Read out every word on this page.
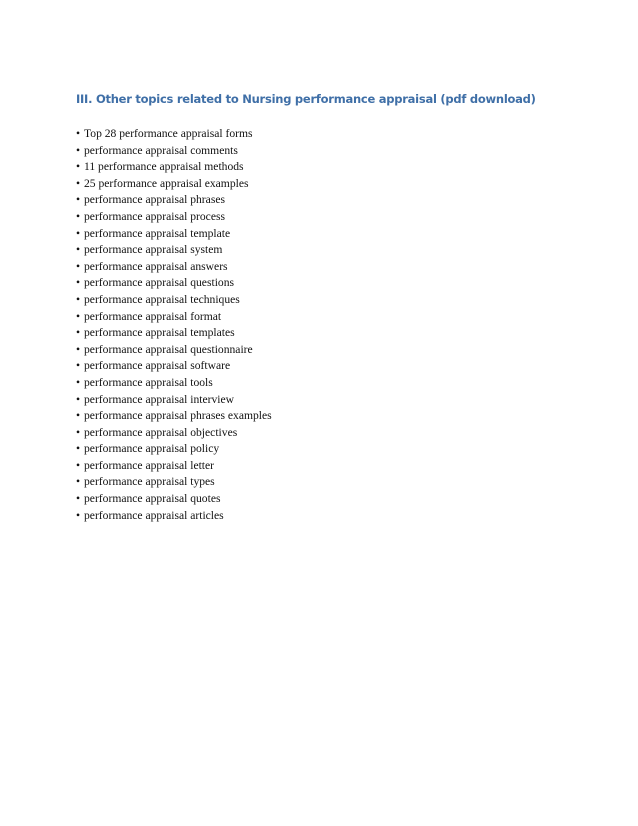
III. Other topics related to Nursing performance appraisal (pdf download)
• Top 28 performance appraisal forms
• performance appraisal comments
• 11 performance appraisal methods
• 25 performance appraisal examples
• performance appraisal phrases
• performance appraisal process
• performance appraisal template
• performance appraisal system
• performance appraisal answers
• performance appraisal questions
• performance appraisal techniques
• performance appraisal format
• performance appraisal templates
• performance appraisal questionnaire
• performance appraisal software
• performance appraisal tools
• performance appraisal interview
• performance appraisal phrases examples
• performance appraisal objectives
• performance appraisal policy
• performance appraisal letter
• performance appraisal types
• performance appraisal quotes
• performance appraisal articles
